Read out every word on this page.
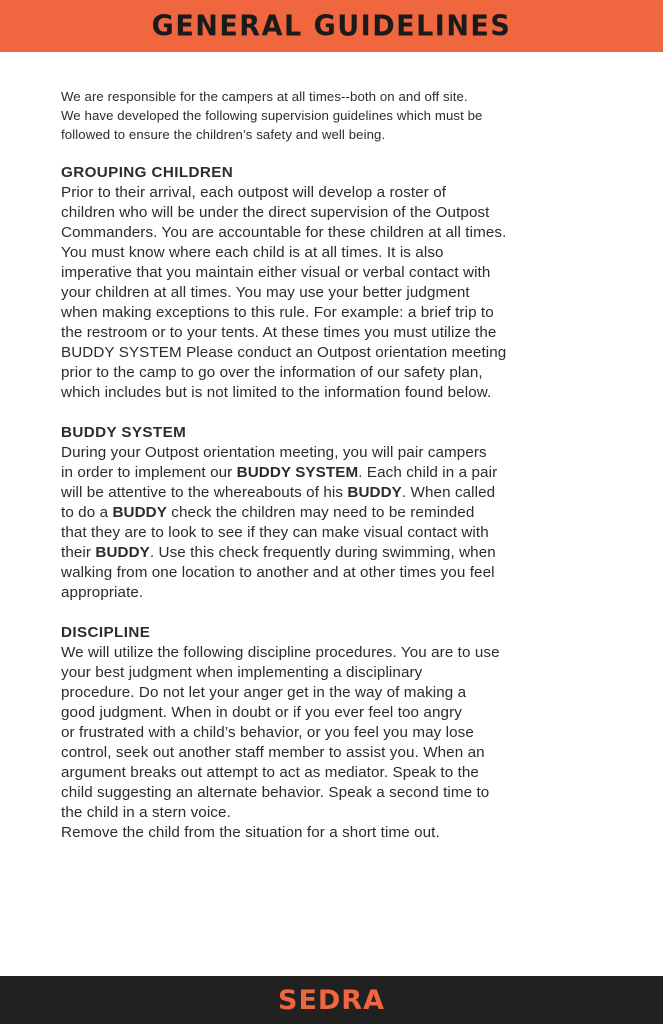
GENERAL GUIDELINES
We are responsible for the campers at all times--both on and off site.
We have developed the following supervision guidelines which must be
followed to ensure the children’s safety and well being.
GROUPING CHILDREN
Prior to their arrival, each outpost will develop a roster of
children who will be under the direct supervision of the Outpost
Commanders. You are accountable for these children at all times.
You must know where each child is at all times. It is also
imperative that you maintain either visual or verbal contact with
your children at all times. You may use your better judgment
when making exceptions to this rule. For example: a brief trip to
the restroom or to your tents. At these times you must utilize the
BUDDY SYSTEM Please conduct an Outpost orientation meeting
prior to the camp to go over the information of our safety plan,
which includes but is not limited to the information found below.
BUDDY SYSTEM
During your Outpost orientation meeting, you will pair campers
in order to implement our BUDDY SYSTEM. Each child in a pair
will be attentive to the whereabouts of his BUDDY. When called
to do a BUDDY check the children may need to be reminded
that they are to look to see if they can make visual contact with
their BUDDY. Use this check frequently during swimming, when
walking from one location to another and at other times you feel
appropriate.
DISCIPLINE
We will utilize the following discipline procedures. You are to use
your best judgment when implementing a disciplinary
procedure. Do not let your anger get in the way of making a
good judgment. When in doubt or if you ever feel too angry
or frustrated with a child’s behavior, or you feel you may lose
control, seek out another staff member to assist you. When an
argument breaks out attempt to act as mediator. Speak to the
child suggesting an alternate behavior. Speak a second time to
the child in a stern voice.
Remove the child from the situation for a short time out.
SEDRA
